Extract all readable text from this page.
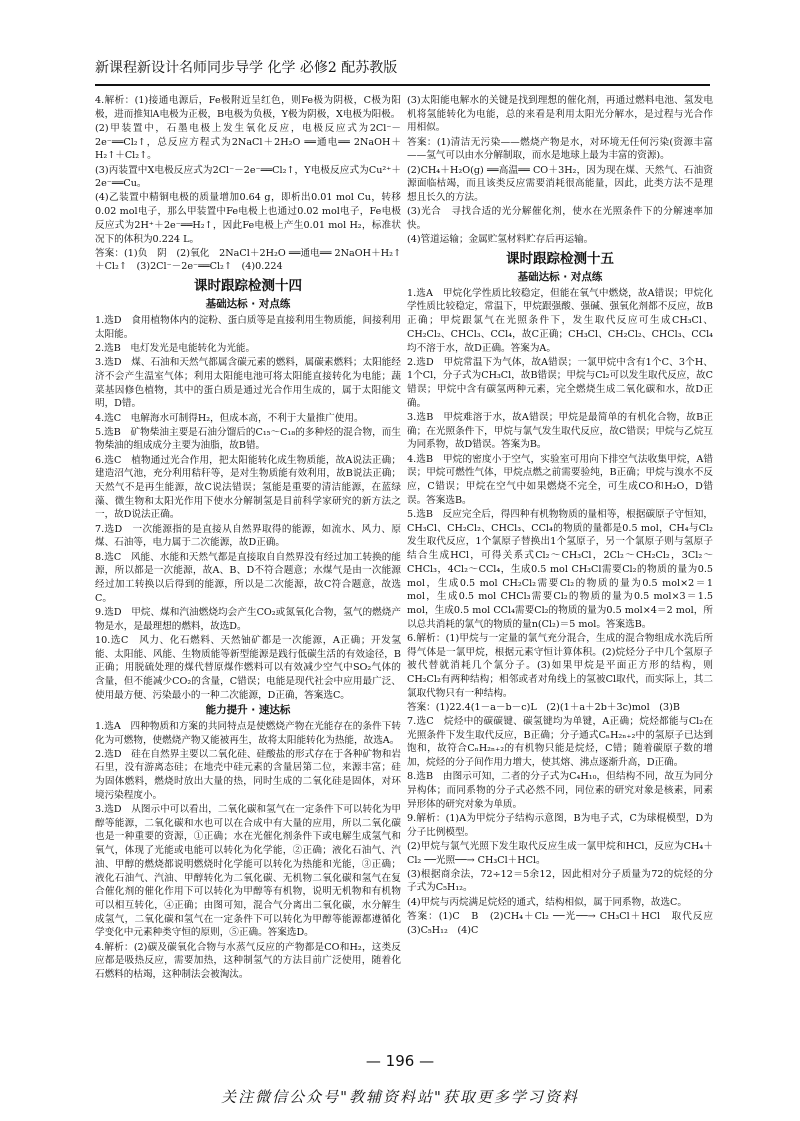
新课程新设计名师同步导学 化学 必修2 配苏教版
4.解析：(1)接通电源后，Fe极附近呈红色，则Fe极为阴极，C极为阳极，进而推知A电极为正极，B电极为负极，Y极为阴极，X电极为阳极。
(2)甲装置中，石墨电极上发生氧化反应，电极反应式为2Cl⁻－2e⁻══Cl₂↑，总反应方程式为2NaCl＋2H₂O ══通电══ 2NaOH＋H₂↑＋Cl₂↑。
(3)丙装置中X电极反应式为2Cl⁻－2e⁻══Cl₂↑，Y电极反应式为Cu²⁺＋2e⁻══Cu。
(4)乙装置中精铜电极的质量增加0.64 g，即析出0.01 mol Cu，转移0.02 mol电子，那么甲装置中Fe电极上也通过0.02 mol电子，Fe电极反应式为2H⁺＋2e⁻══H₂↑，因此Fe电极上产生0.01 mol H₂，标准状况下的体积为0.224 L。
答案：(1)负　阴　(2)氧化　2NaCl＋2H₂O ══通电══ 2NaOH＋H₂↑＋Cl₂↑　(3)2Cl⁻－2e⁻══Cl₂↑　(4)0.224
课时跟踪检测十四
基础达标 · 对点练
1.选D　食用植物体内的淀粉、蛋白质等是直接利用生物质能，间接利用太阳能。
2.选B　电灯发光是电能转化为光能。
3.选D　煤、石油和天然气都属含碳元素的燃料，属碳素燃料；太阳能经济不会产生温室气体；利用太阳能电池可将太阳能直接转化为电能；蔬菜基因修色植物，其中的蛋白质是通过光合作用生成的，属于太阳能文明，D错。
4.选C　电解海水可制得H₂，但成本高，不利于大量推广使用。
5.选B　矿物柴油主要是石油分馏后的C₁₅～C₁₈的多种烃的混合物，而生物柴油的组成成分主要为油脂，故B错。
6.选C　植物通过光合作用，把太阳能转化成生物质能，故A说法正确；建造沼气池，充分利用秸秆等，是对生物质能有效利用，故B说法正确；天然气不是再生能源，故C说法错误；氢能是重要的清洁能源，在蓝绿藻、微生物和太阳光作用下使水分解制氢是目前科学家研究的新方法之一，故D说法正确。
7.选D　一次能源指的是直接从自然界取得的能源，如流水、风力、原煤、石油等，电力属于二次能源，故D正确。
8.选C　风能、水能和天然气都是直接取自自然界没有经过加工转换的能源，所以都是一次能源，故A、B、D不符合题意；水煤气是由一次能源经过加工转换以后得到的能源，所以是二次能源，故C符合题意，故选C。
9.选D　甲烷、煤和汽油燃烧均会产生CO₂或氮氧化合物，氢气的燃烧产物是水，是最理想的燃料，故选D。
10.选C　风力、化石燃料、天然铀矿都是一次能源，A正确；开发氢能、太阳能、风能、生物质能等新型能源是践行低碳生活的有效途径，B正确；用脱硫处理的煤代替原煤作燃料可以有效减少空气中SO₂气体的含量，但不能减少CO₂的含量，C错误；电能是现代社会中应用最广泛、使用最方便、污染最小的一种二次能源，D正确，答案选C。
能力提升 · 速达标
1.选A　四种物质和方案的共同特点是使燃烧产物在光能存在的条件下转化为可燃物，使燃烧产物又能被再生，故将太阳能转化为热能，故选A。
2.选D　硅在自然界主要以二氧化硅、硅酸盐的形式存在于各种矿物和岩石里，没有游离态硅；在地壳中硅元素的含量居第二位，来源丰富；硅为固体燃料，燃烧时放出大量的热，同时生成的二氧化硅是固体，对环境污染程度小。
3.选D　从图示中可以看出，二氧化碳和氢气在一定条件下可以转化为甲醇等能源，二氧化碳和水也可以在合成中有大量的应用，所以二氧化碳也是一种重要的资源，①正确；水在光催化剂条件下或电解生成氢气和氧气，体现了光能或电能可以转化为化学能，②正确；液化石油气、汽油、甲醇的燃烧都说明燃烧时化学能可以转化为热能和光能，③正确；液化石油气、汽油、甲醇转化为二氧化碳、无机物二氧化碳和氢气在复合催化剂的催化作用下可以转化为甲醇等有机物，说明无机物和有机物可以相互转化，④正确；由图可知，混合气分离出二氧化碳，水分解生成氢气，二氧化碳和氢气在一定条件下可以转化为甲醇等能源都遵循化学变化中元素种类守恒的原则，⑤正确。答案选D。
4.解析：(2)碳及碳氧化合物与水蒸气反应的产物都是CO和H₂，这类反应都是吸热反应，需要加热，这种制氢气的方法目前广泛使用，随着化石燃料的枯竭，这种制法会被淘汰。
(3)太阳能电解水的关键是找到理想的催化剂，再通过燃料电池、氢发电机将氢能转化为电能，总的来看是利用太阳光分解水，是过程与光合作用相似。
答案：(1)清洁无污染——燃烧产物是水，对环境无任何污染(资源丰富——氢气可以由水分解制取，而水是地球上最为丰富的资源)。
(2)CH₄＋H₂O(g) ══高温══ CO＋3H₂，因为现在煤、天然气、石油资源面临枯竭，而且该类反应需要消耗很高能量，因此，此类方法不是理想且长久的方法。
(3)光合　寻找合适的光分解催化剂，使水在光照条件下的分解速率加快。
(4)管道运输；金属贮氢材料贮存后再运输。
课时跟踪检测十五
基础达标 · 对点练
1.选A　甲烷化学性质比较稳定，但能在氧气中燃烧，故A错误；甲烷化学性质比较稳定，常温下，甲烷跟强酸、强碱、强氧化剂都不反应，故B正确；甲烷跟氯气在光照条件下，发生取代反应可生成CH₃Cl、CH₂Cl₂、CHCl₃、CCl₄，故C正确；CH₃Cl、CH₂Cl₂、CHCl₃、CCl₄均不溶于水，故D正确。答案为A。
2.选D　甲烷常温下为气体，故A错误；一氯甲烷中含有1个C、3个H、1个Cl，分子式为CH₃Cl，故B错误；甲烷与Cl₂可以发生取代反应，故C错误；甲烷中含有碳氢两种元素，完全燃烧生成二氧化碳和水，故D正确。
3.选B　甲烷难溶于水，故A错误；甲烷是最简单的有机化合物，故B正确；在光照条件下，甲烷与氯气发生取代反应，故C错误；甲烷与乙烷互为同系物，故D错误。答案为B。
4.选B　甲烷的密度小于空气，实验室可用向下排空气法收集甲烷，A错误；甲烷可燃性气体，甲烷点燃之前需要验纯，B正确；甲烷与溴水不反应，C错误；甲烷在空气中如果燃烧不完全，可生成CO和H₂O，D错误。答案选B。
5.选B　反应完全后，得四种有机物物质的量相等，根据碳原子守恒知，CH₃Cl、CH₂Cl₂、CHCl₃、CCl₄的物质的量都是0.5 mol，CH₄与Cl₂发生取代反应，1个氯原子替换出1个氢原子，另一个氯原子则与氢原子结合生成HCl，可得关系式Cl₂～CH₃Cl，2Cl₂～CH₂Cl₂，3Cl₂～CHCl₃，4Cl₂～CCl₄，生成0.5 mol CH₃Cl需要Cl₂的物质的量为0.5 mol，生成0.5 mol CH₂Cl₂需要Cl₂的物质的量为0.5 mol×2＝1 mol，生成0.5 mol CHCl₃需要Cl₂的物质的量为0.5 mol×3＝1.5 mol，生成0.5 mol CCl₄需要Cl₂的物质的量为0.5 mol×4＝2 mol，所以总共消耗的氯气的物质的量n(Cl₂)＝5 mol。答案选B。
6.解析：(1)甲烷与一定量的氯气充分混合，生成的混合物组成水洗后所得气体是一氯甲烷，根据元素守恒计算体积。(2)烷烃分子中几个氢原子被代替就消耗几个氯分子。(3)如果甲烷是平面正方形的结构，则CH₂Cl₂有两种结构；相邻或者对角线上的氢被Cl取代，而实际上，其二氯取代物只有一种结构。
答案：(1)22.4(1－a－b－c)L　(2)(1＋a＋2b＋3c)mol　(3)B
7.选C　烷烃中的碳碳键、碳氢键均为单键，A正确；烷烃都能与Cl₂在光照条件下发生取代反应，B正确；分子通式CₙH₂ₙ₊₂中的氢原子已达到饱和，故符合CₙH₂ₙ₊₂的有机物只能是烷烃，C错；随着碳原子数的增加，烷烃的分子间作用力增大，使其熔、沸点逐渐升高，D正确。
8.选B　由图示可知，二者的分子式为C₄H₁₀，但结构不同，故互为同分异构体；而同系物的分子式必然不同，同位素的研究对象是核素，同素异形体的研究对象为单质。
9.解析：(1)A为甲烷分子结构示意图，B为电子式，C为球棍模型，D为分子比例模型。
(2)甲烷与氯气光照下发生取代反应生成一氯甲烷和HCl，反应为CH₄＋Cl₂ ──光照──→ CH₃Cl＋HCl。
(3)根据商余法，72÷12＝5余12，因此相对分子质量为72的烷烃的分子式为C₅H₁₂。
(4)甲烷与丙烷满足烷烃的通式，结构相似，属于同系物，故选C。
答案：(1)C　B　(2)CH₄＋Cl₂ ──光──→ CH₃Cl＋HCl　取代反应　(3)C₅H₁₂　(4)C
— 196 —
关注微信公众号"教辅资料站"获取更多学习资料
